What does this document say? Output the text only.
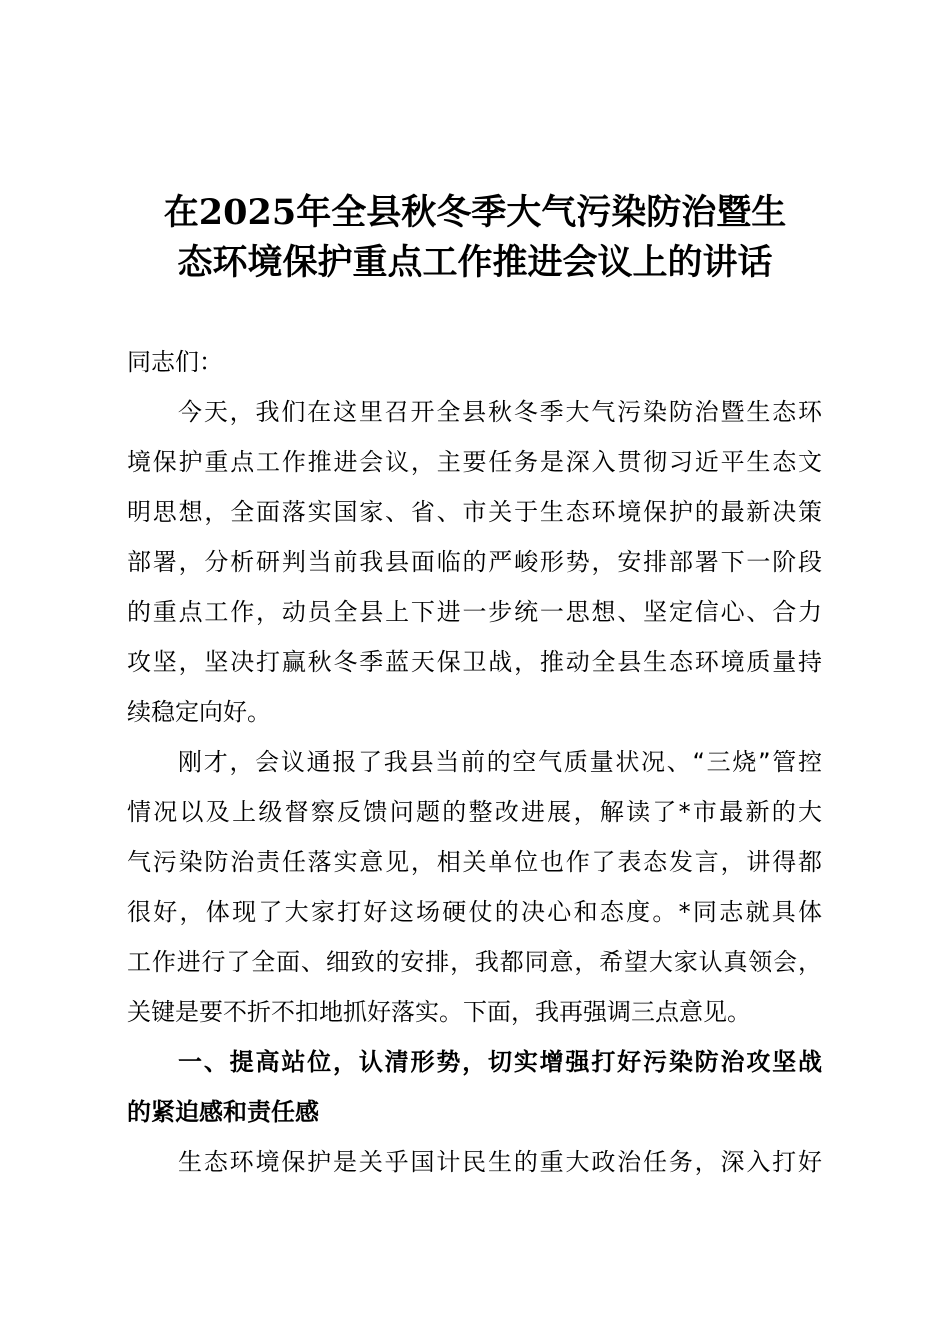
在2025年全县秋冬季大气污染防治暨生
态环境保护重点工作推进会议上的讲话
同志们：
今天，我们在这里召开全县秋冬季大气污染防治暨生态环
境保护重点工作推进会议，主要任务是深入贯彻习近平生态文
明思想，全面落实国家、省、市关于生态环境保护的最新决策
部署，分析研判当前我县面临的严峻形势，安排部署下一阶段
的重点工作，动员全县上下进一步统一思想、坚定信心、合力
攻坚，坚决打赢秋冬季蓝天保卫战，推动全县生态环境质量持
续稳定向好。
刚才，会议通报了我县当前的空气质量状况、“三烧”管控
情况以及上级督察反馈问题的整改进展，解读了*市最新的大
气污染防治责任落实意见，相关单位也作了表态发言，讲得都
很好，体现了大家打好这场硬仗的决心和态度。*同志就具体
工作进行了全面、细致的安排，我都同意，希望大家认真领会，
关键是要不折不扣地抓好落实。下面，我再强调三点意见。
一、提高站位，认清形势，切实增强打好污染防治攻坚战
的紧迫感和责任感
生态环境保护是关乎国计民生的重大政治任务，深入打好
